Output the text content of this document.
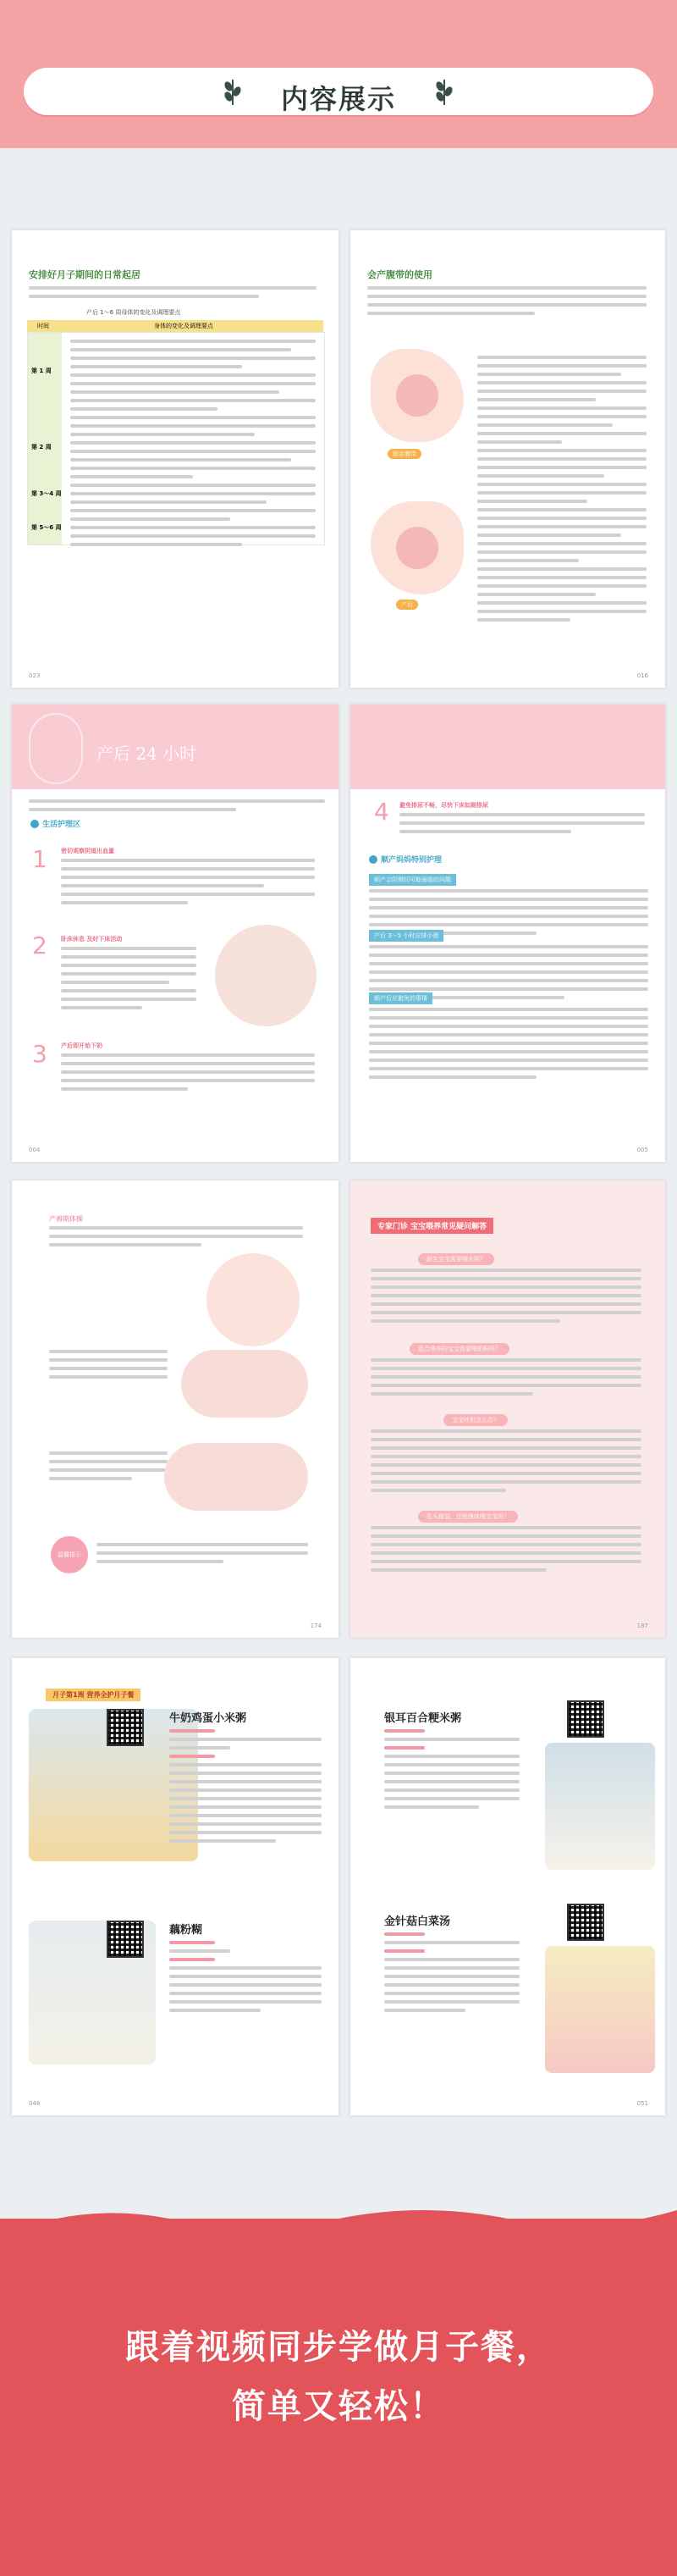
内容展示
安排好月子期间的日常起居
产后 1～6 周母体的变化及调理要点
时间	身体的变化及调理要点
第 1 周
第 2 周
第 3～4 周
第 5～6 周
023
会产腹带的使用
固定腹带
产后
016
产后 24 小时
生活护理区
1 密切观察阴道出血量
2 卧床休息 及时下床活动
3 产后即开始下奶
004
4 避免排尿不畅，尽快下床如厕排尿
顺产妈妈特别护理
顺产会阴侧切可能面临的问题
产后 3～5 小时应排小便
顺产后应避免的事情
005
产褥期体操
温馨提示
174
专家门诊 宝宝喂养常见疑问解答
新生宝宝需要喂水吗？
混合喂养的宝宝需要喂奶粉吗？
宝宝吐奶怎么办？
乳头皲裂，还能继续喂宝宝吗？
187
月子第1周 营养全护月子餐
牛奶鸡蛋小米粥
藕粉糊
048
银耳百合粳米粥
金针菇白菜汤
051
跟着视频同步学做月子餐，
简单又轻松！
